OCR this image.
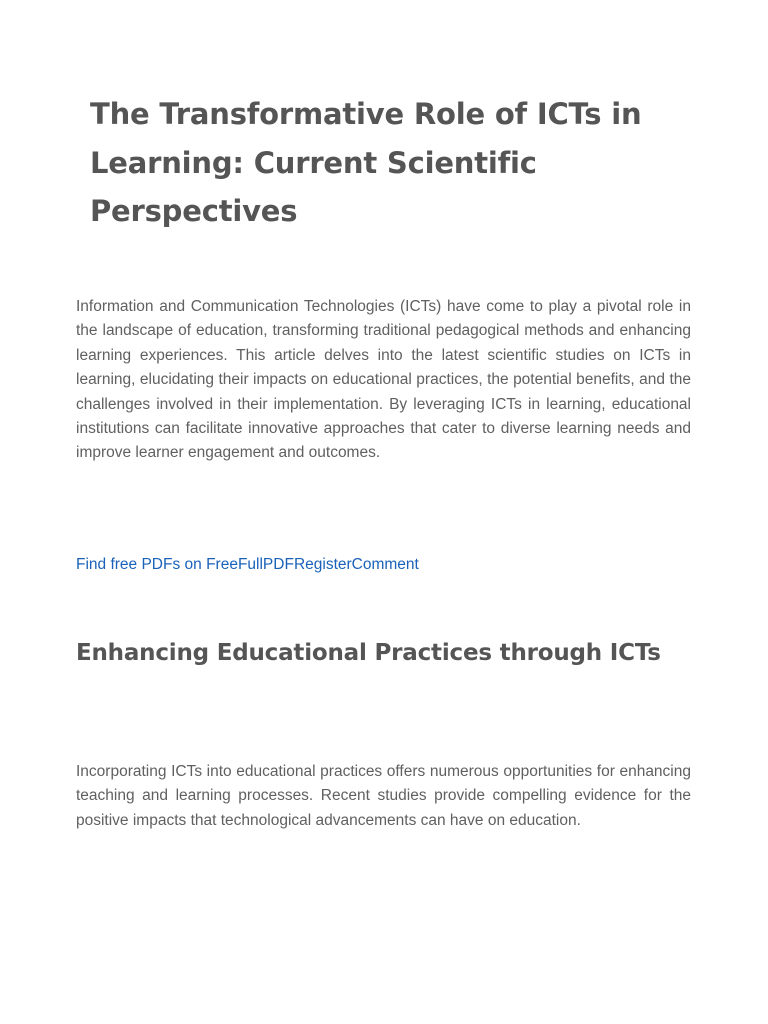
The Transformative Role of ICTs in Learning: Current Scientific Perspectives

Information and Communication Technologies (ICTs) have come to play a pivotal role in the landscape of education, transforming traditional pedagogical methods and enhancing learning experiences. This article delves into the latest scientific studies on ICTs in learning, elucidating their impacts on educational practices, the potential benefits, and the challenges involved in their implementation. By leveraging ICTs in learning, educational institutions can facilitate innovative approaches that cater to diverse learning needs and improve learner engagement and outcomes.

Find free PDFs on FreeFullPDFRegisterComment
Enhancing Educational Practices through ICTs

Incorporating ICTs into educational practices offers numerous opportunities for enhancing teaching and learning processes. Recent studies provide compelling evidence for the positive impacts that technological advancements can have on education.
